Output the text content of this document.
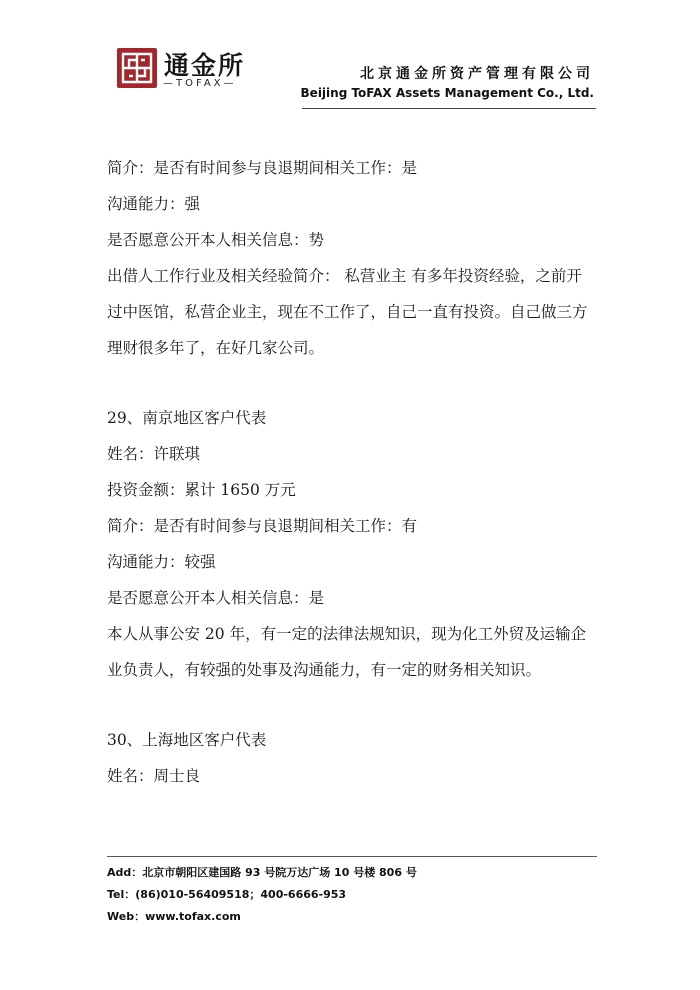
通金所
—TOFAX—
北京通金所资产管理有限公司
Beijing ToFAX Assets Management Co., Ltd.
简介：是否有时间参与良退期间相关工作：是
沟通能力：强
是否愿意公开本人相关信息：势
出借人工作行业及相关经验简介： 私营业主 有多年投资经验，之前开过中医馆，私营企业主，现在不工作了，自己一直有投资。自己做三方理财很多年了，在好几家公司。
29、南京地区客户代表
姓名：许联琪
投资金额：累计 1650 万元
简介：是否有时间参与良退期间相关工作：有
沟通能力：较强
是否愿意公开本人相关信息：是
本人从事公安 20 年，有一定的法律法规知识，现为化工外贸及运输企业负责人，有较强的处事及沟通能力，有一定的财务相关知识。
30、上海地区客户代表
姓名：周士良
Add：北京市朝阳区建国路 93 号院万达广场 10 号楼 806 号
Tel：(86)010-56409518；400-6666-953
Web：www.tofax.com
